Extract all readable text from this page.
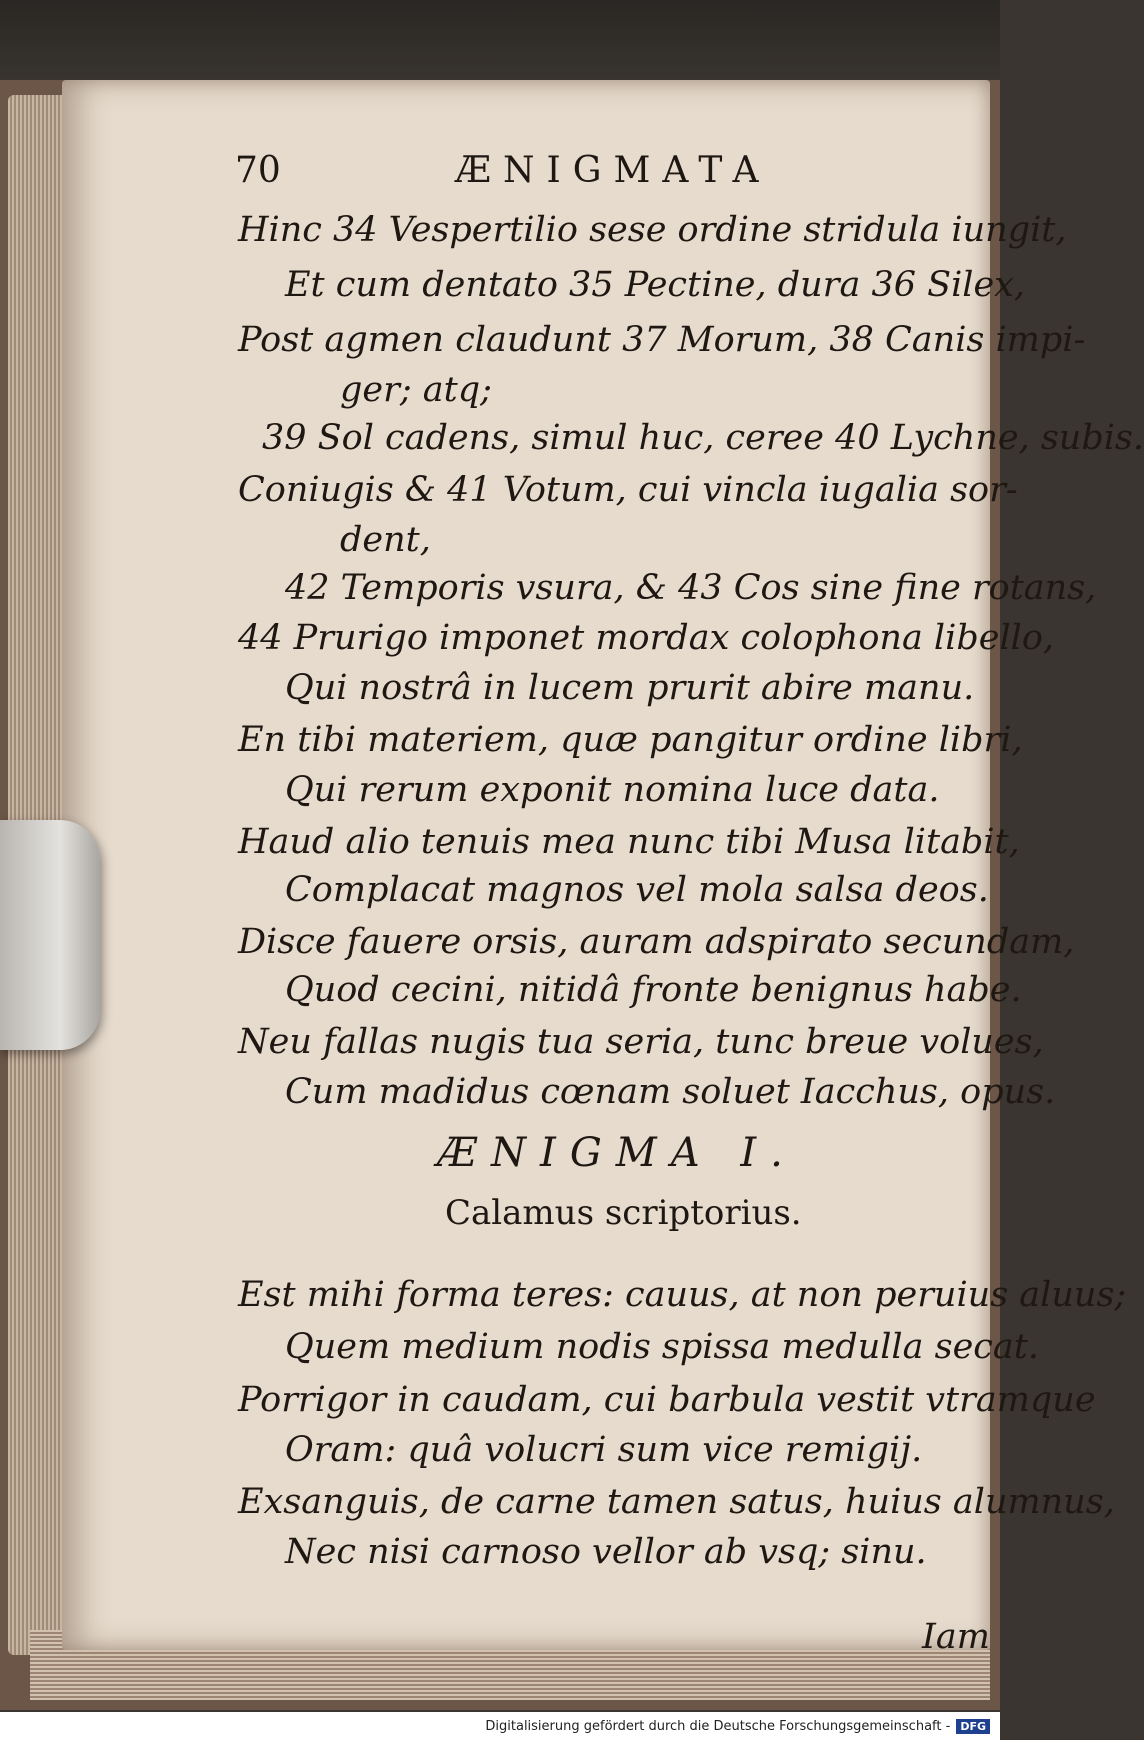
70	ÆNIGMATA
Hinc 34 Vespertilio sese ordine stridula iungit,
Et cum dentato 35 Pectine, dura 36 Silex,
Post agmen claudunt 37 Morum, 38 Canis impi-
ger; atq;
39 Sol cadens, simul huc, ceree 40 Lychne, subis.
Coniugis & 41 Votum, cui vincla iugalia sor-
dent,
42 Temporis vsura, & 43 Cos sine fine rotans,
44 Prurigo imponet mordax colophona libello,
Qui nostrâ in lucem prurit abire manu.
En tibi materiem, quæ pangitur ordine libri,
Qui rerum exponit nomina luce data.
Haud alio tenuis mea nunc tibi Musa litabit,
Complacat magnos vel mola salsa deos.
Disce fauere orsis, auram adspirato secundam,
Quod cecini, nitidâ fronte benignus habe.
Neu fallas nugis tua seria, tunc breue volues,
Cum madidus cœnam soluet Iacchus, opus.
ÆNIGMA I.
Calamus scriptorius.
Est mihi forma teres: cauus, at non peruius aluus;
Quem medium nodis spissa medulla secat.
Porrigor in caudam, cui barbula vestit vtramque
Oram: quâ volucri sum vice remigij.
Exsanguis, de carne tamen satus, huius alumnus,
Nec nisi carnoso vellor ab vsq; sinu.
Iam
Digitalisierung gefördert durch die Deutsche Forschungsgemeinschaft - DFG
